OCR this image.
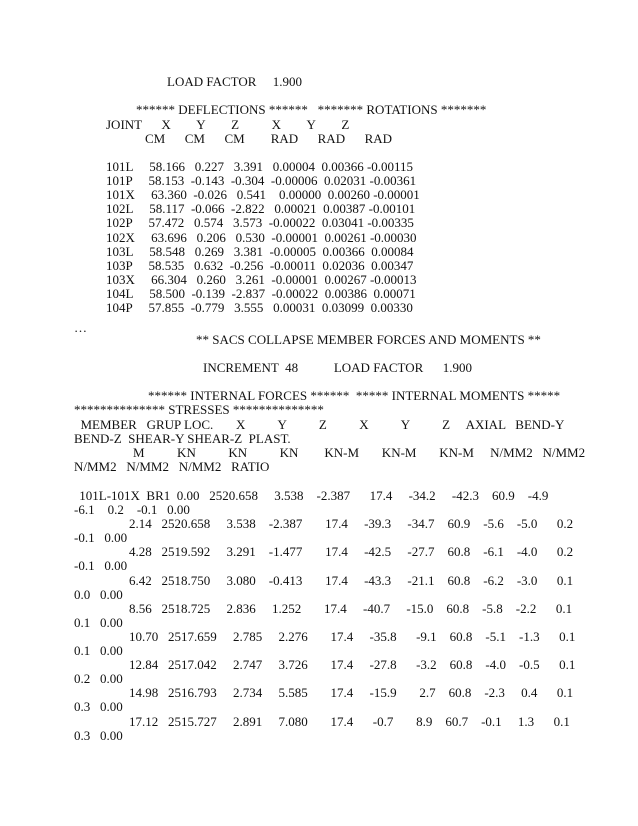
LOAD FACTOR     1.900

****** DEFLECTIONS ******   ******* ROTATIONS *******

JOINT      X        Y        Z          X        Y        Z

CM      CM      CM        RAD      RAD      RAD

101L     58.166   0.227   3.391   0.00004  0.00366 -0.00115

101P     58.153  -0.143  -0.304  -0.00006  0.02031 -0.00361

101X     63.360  -0.026   0.541    0.00000  0.00260 -0.00001

102L     58.117  -0.066  -2.822   0.00021  0.00387 -0.00101

102P     57.472   0.574   3.573  -0.00022  0.03041 -0.00335

102X     63.696   0.206   0.530  -0.00001  0.00261 -0.00030

103L     58.548   0.269   3.381  -0.00005  0.00366  0.00084

103P     58.535   0.632  -0.256  -0.00011  0.02036  0.00347

103X     66.304   0.260   3.261  -0.00001  0.00267 -0.00013

104L     58.500  -0.139  -2.837  -0.00022  0.00386  0.00071

104P     57.855  -0.779   3.555   0.00031  0.03099  0.00330

…

** SACS COLLAPSE MEMBER FORCES AND MOMENTS **

INCREMENT  48           LOAD FACTOR      1.900

****** INTERNAL FORCES ******  ***** INTERNAL MOMENTS *****

************** STRESSES **************

MEMBER   GRUP LOC.       X          Y          Z          X          Y          Z     AXIAL   BEND-Y

BEND-Z  SHEAR-Y SHEAR-Z  PLAST.

M          KN          KN          KN        KN-M       KN-M       KN-M     N/MM2   N/MM2

N/MM2   N/MM2   N/MM2   RATIO

101L-101X  BR1  0.00   2520.658     3.538    -2.387      17.4     -34.2     -42.3    60.9    -4.9

-6.1    0.2    -0.1   0.00

2.14   2520.658     3.538    -2.387       17.4     -39.3     -34.7    60.9    -5.6    -5.0      0.2

-0.1   0.00

4.28   2519.592     3.291    -1.477       17.4     -42.5     -27.7    60.8    -6.1    -4.0      0.2

-0.1   0.00

6.42   2518.750     3.080    -0.413       17.4     -43.3     -21.1    60.8    -6.2    -3.0      0.1

0.0   0.00

8.56   2518.725     2.836     1.252       17.4     -40.7     -15.0    60.8    -5.8    -2.2      0.1

0.1   0.00

10.70   2517.659     2.785     2.276       17.4     -35.8      -9.1    60.8    -5.1    -1.3      0.1

0.1   0.00

12.84   2517.042     2.747     3.726       17.4     -27.8      -3.2    60.8    -4.0    -0.5      0.1

0.2   0.00

14.98   2516.793     2.734     5.585       17.4     -15.9       2.7    60.8    -2.3     0.4      0.1

0.3   0.00

17.12   2515.727     2.891     7.080       17.4      -0.7       8.9    60.7    -0.1     1.3      0.1

0.3   0.00
